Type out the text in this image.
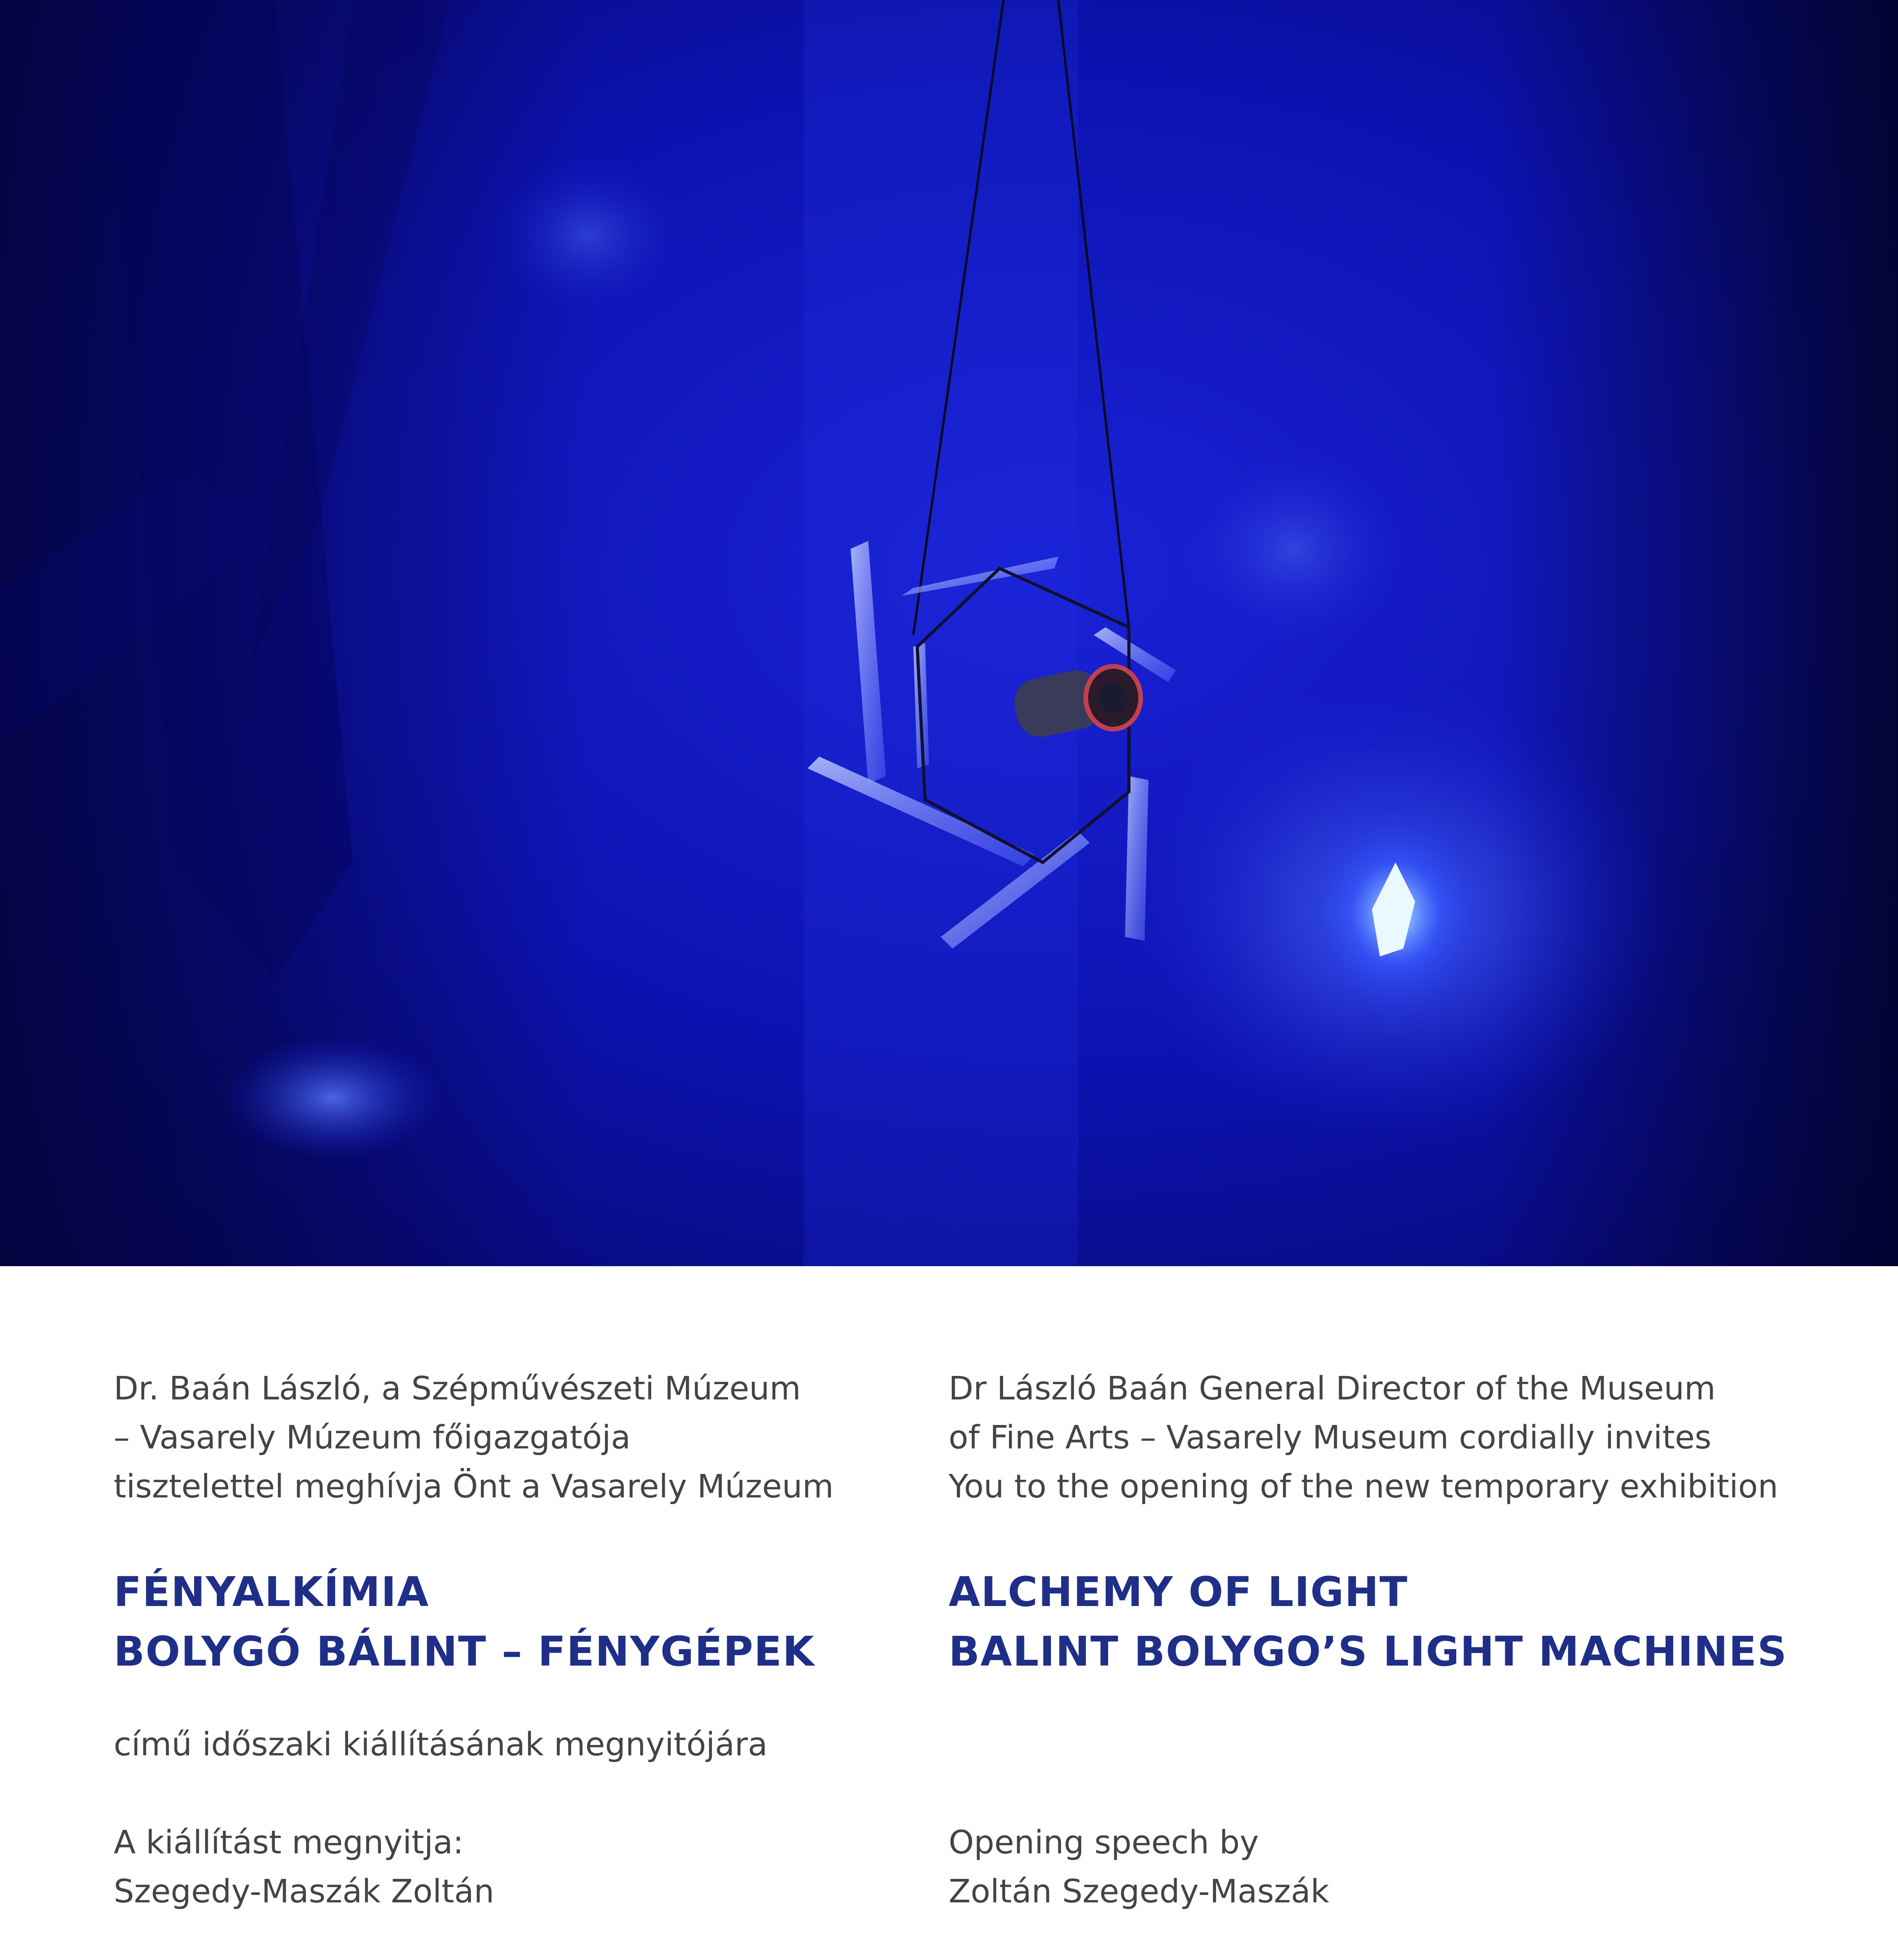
Dr. Baán László, a Szépművészeti Múzeum
– Vasarely Múzeum főigazgatója
tisztelettel meghívja Önt a Vasarely Múzeum
FÉNYALKÍMIA
BOLYGÓ BÁLINT – FÉNYGÉPEK
című időszaki kiállításának megnyitójára
A kiállítást megnyitja:
Szegedy-Maszák Zoltán
Dr László Baán General Director of the Museum
of Fine Arts – Vasarely Museum cordially invites
You to the opening of the new temporary exhibition
ALCHEMY OF LIGHT
BALINT BOLYGO’S LIGHT MACHINES
Opening speech by
Zoltán Szegedy-Maszák
